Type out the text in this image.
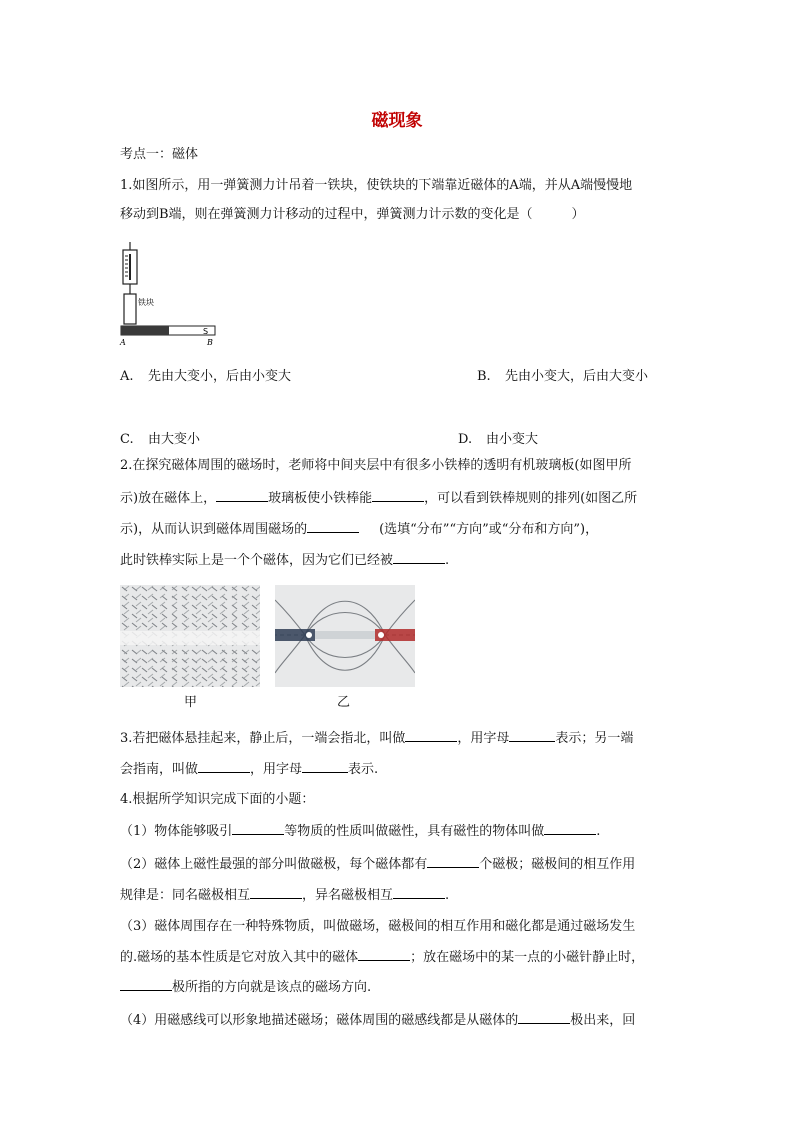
磁现象
考点一：磁体
1.如图所示，用一弹簧测力计吊着一铁块，使铁块的下端靠近磁体的A端，并从A端慢慢地
移动到B端，则在弹簧测力计移动的过程中，弹簧测力计示数的变化是（　　　）
铁块
S
A	B
A. 先由大变小，后由小变大	B. 先由小变大，后由大变小
C. 由大变小	D. 由小变大
2.在探究磁体周围的磁场时，老师将中间夹层中有很多小铁棒的透明有机玻璃板(如图甲所
示)放在磁体上，	玻璃板使小铁棒能	，可以看到铁棒规则的排列(如图乙所
示)，从而认识到磁体周围磁场的	(选填“分布”“方向”或“分布和方向”)，
此时铁棒实际上是一个个磁体，因为它们已经被	.
甲	乙
3.若把磁体悬挂起来，静止后，一端会指北，叫做	，用字母	表示；另一端
会指南，叫做	，用字母	表示.
4.根据所学知识完成下面的小题：
（1）物体能够吸引	等物质的性质叫做磁性，具有磁性的物体叫做	.
（2）磁体上磁性最强的部分叫做磁极，每个磁体都有	个磁极；磁极间的相互作用
规律是：同名磁极相互	，异名磁极相互	.
（3）磁体周围存在一种特殊物质，叫做磁场，磁极间的相互作用和磁化都是通过磁场发生
的.磁场的基本性质是它对放入其中的磁体	；放在磁场中的某一点的小磁针静止时，
极所指的方向就是该点的磁场方向.
（4）用磁感线可以形象地描述磁场；磁体周围的磁感线都是从磁体的	极出来，回
